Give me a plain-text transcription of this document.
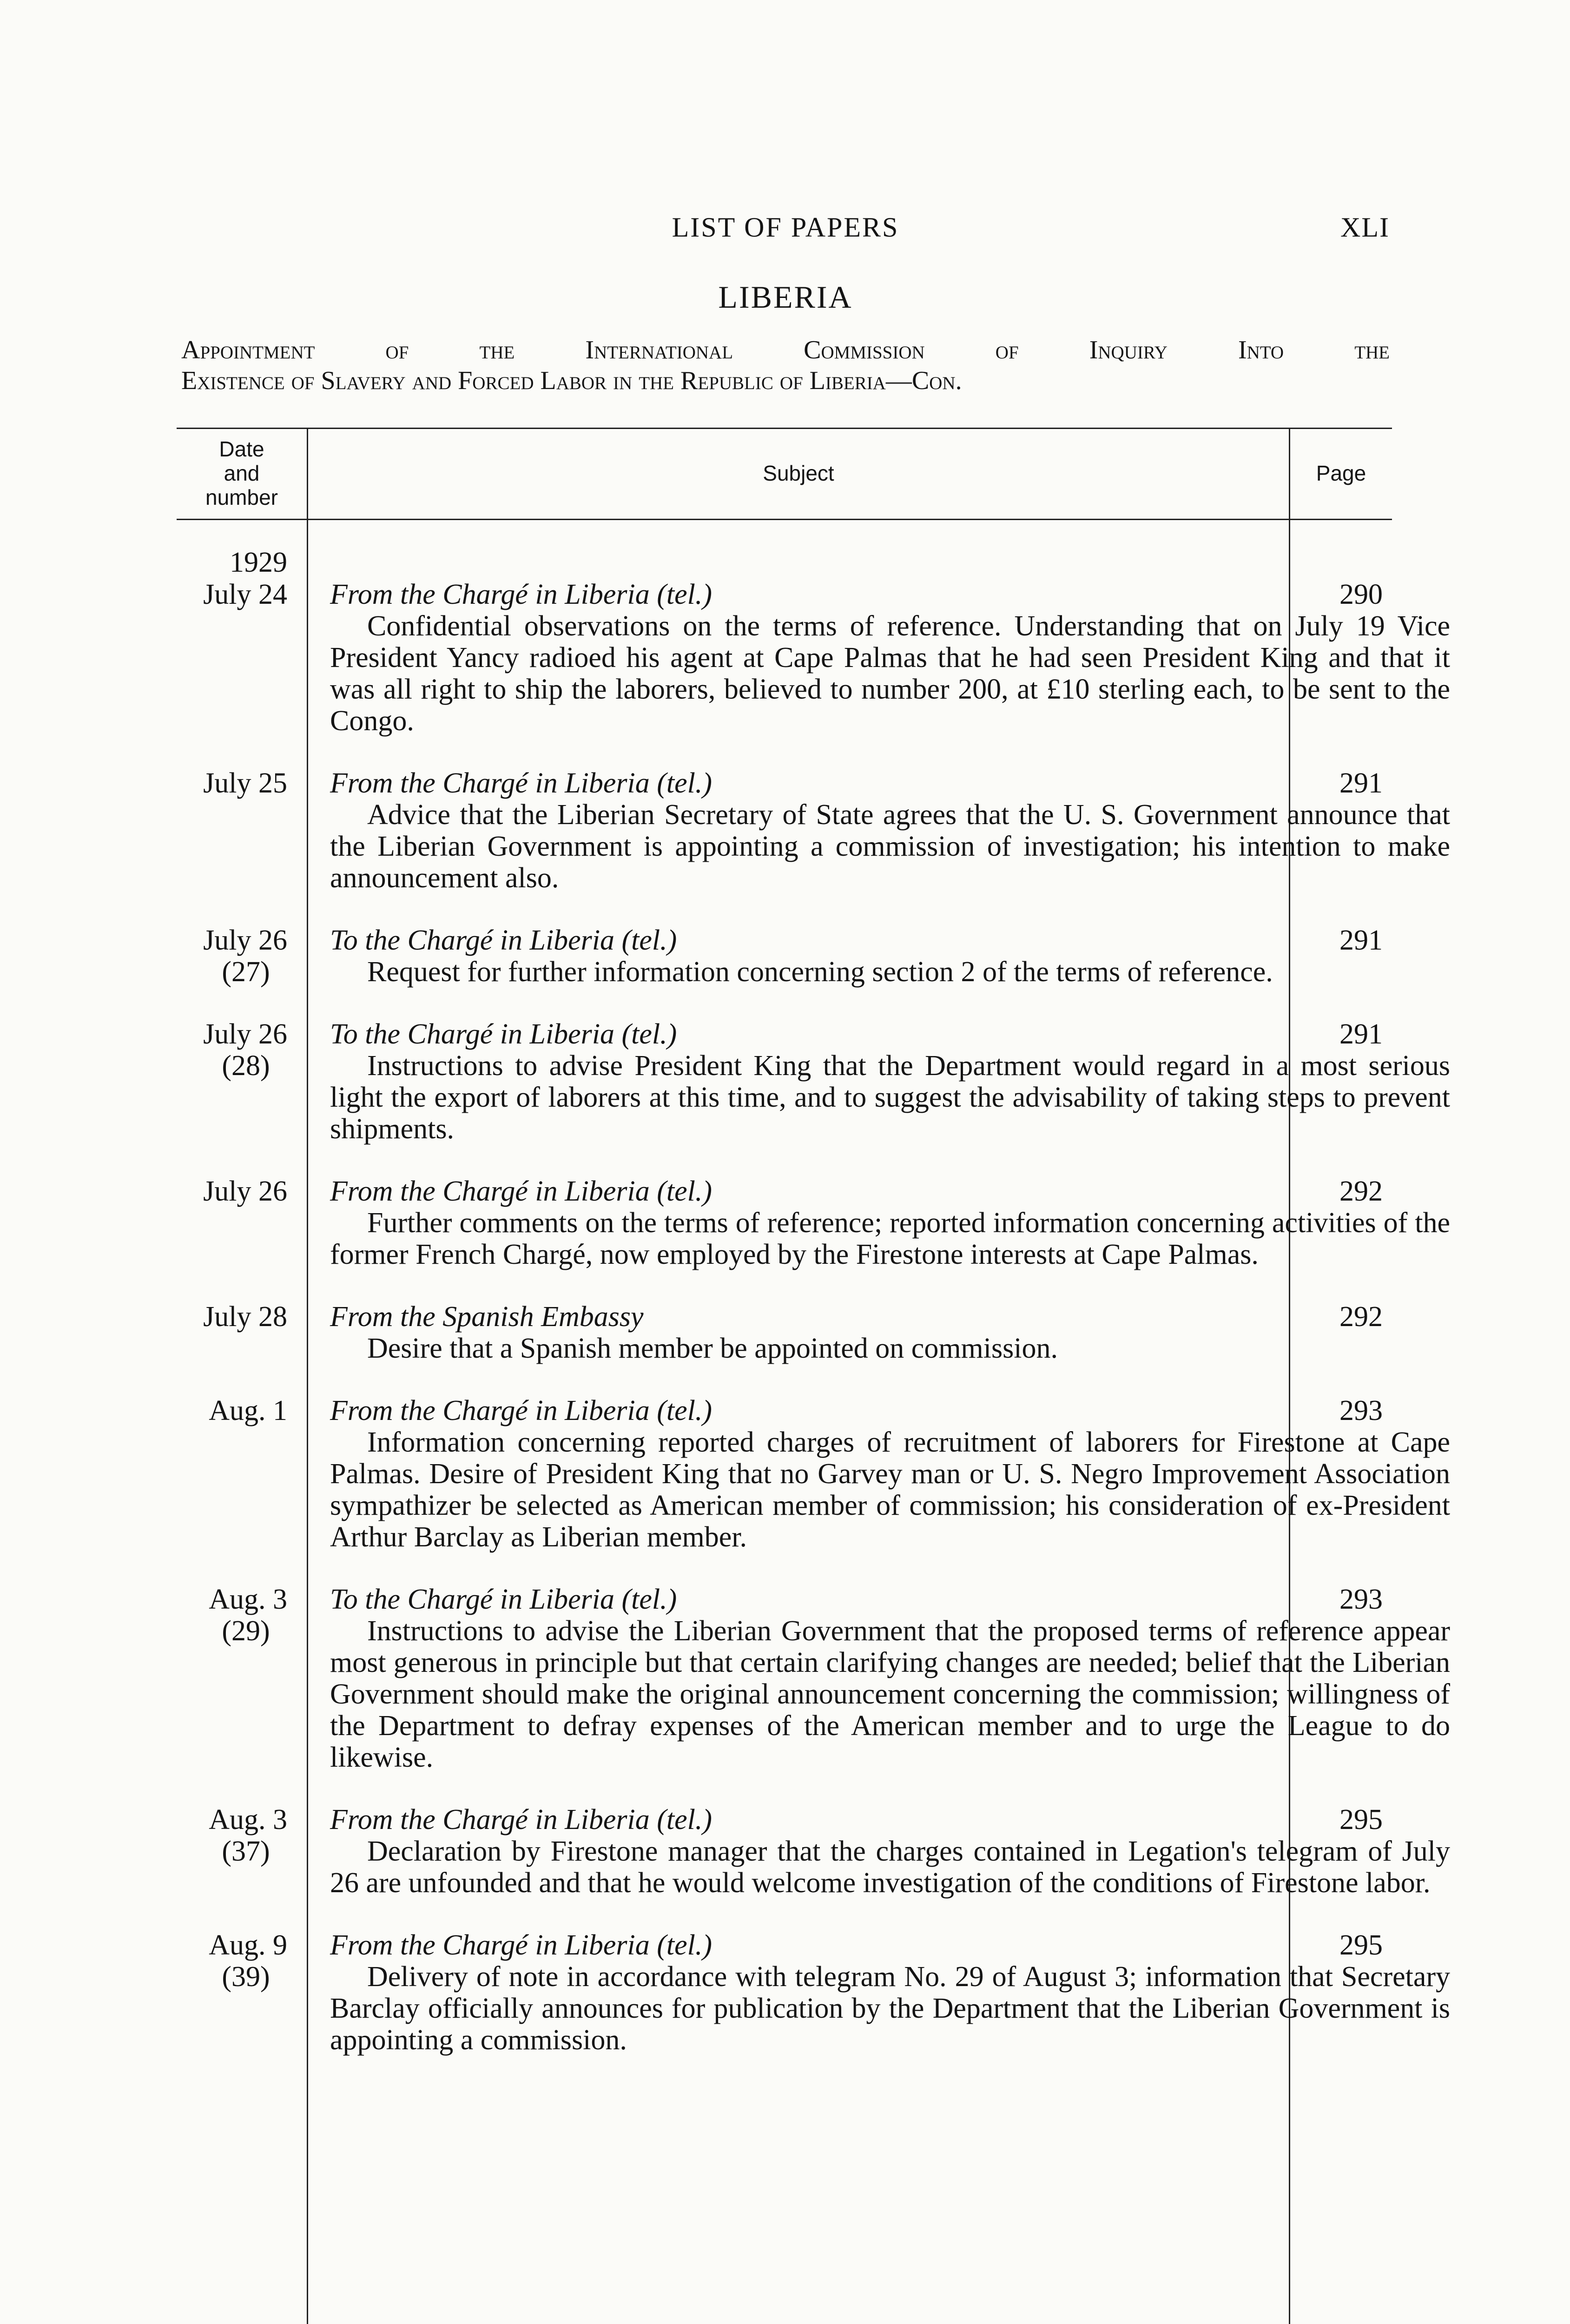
LIST OF PAPERS	XLI
LIBERIA
Appointment of the International Commission of Inquiry Into the
Existence of Slavery and Forced Labor in the Republic of Liberia—Con.
Date and number
Subject	Page
1929
July 24 From the Chargé in Liberia (tel.)
Confidential observations on the terms of reference. Understanding that on July 19 Vice President Yancy radioed his agent at Cape Palmas that he had seen President King and that it was all right to ship the laborers, believed to number 200, at £10 sterling each, to be sent to the Congo.
290
July 25 From the Chargé in Liberia (tel.)
Advice that the Liberian Secretary of State agrees that the U. S. Government announce that the Liberian Government is appointing a commission of investigation; his intention to make announcement also.
291
July 26
(27)
To the Chargé in Liberia (tel.)
Request for further information concerning section 2 of the terms of reference.
291
July 26
(28)
To the Chargé in Liberia (tel.)
Instructions to advise President King that the Department would regard in a most serious light the export of laborers at this time, and to suggest the advisability of taking steps to prevent shipments.
291
July 26 From the Chargé in Liberia (tel.)
Further comments on the terms of reference; reported information concerning activities of the former French Chargé, now employed by the Firestone interests at Cape Palmas.
292
July 28 From the Spanish Embassy
Desire that a Spanish member be appointed on commission.
292
Aug. 1 From the Chargé in Liberia (tel.)
Information concerning reported charges of recruitment of laborers for Firestone at Cape Palmas. Desire of President King that no Garvey man or U. S. Negro Improvement Association sympathizer be selected as American member of commission; his consideration of ex-President Arthur Barclay as Liberian member.
293
Aug. 3
(29)
To the Chargé in Liberia (tel.)
Instructions to advise the Liberian Government that the proposed terms of reference appear most generous in principle but that certain clarifying changes are needed; belief that the Liberian Government should make the original announcement concerning the commission; willingness of the Department to defray expenses of the American member and to urge the League to do likewise.
293
Aug. 3
(37)
From the Chargé in Liberia (tel.)
Declaration by Firestone manager that the charges contained in Legation's telegram of July 26 are unfounded and that he would welcome investigation of the conditions of Firestone labor.
295
Aug. 9
(39)
From the Chargé in Liberia (tel.)
Delivery of note in accordance with telegram No. 29 of August 3; information that Secretary Barclay officially announces for publication by the Department that the Liberian Government is appointing a commission.
295
